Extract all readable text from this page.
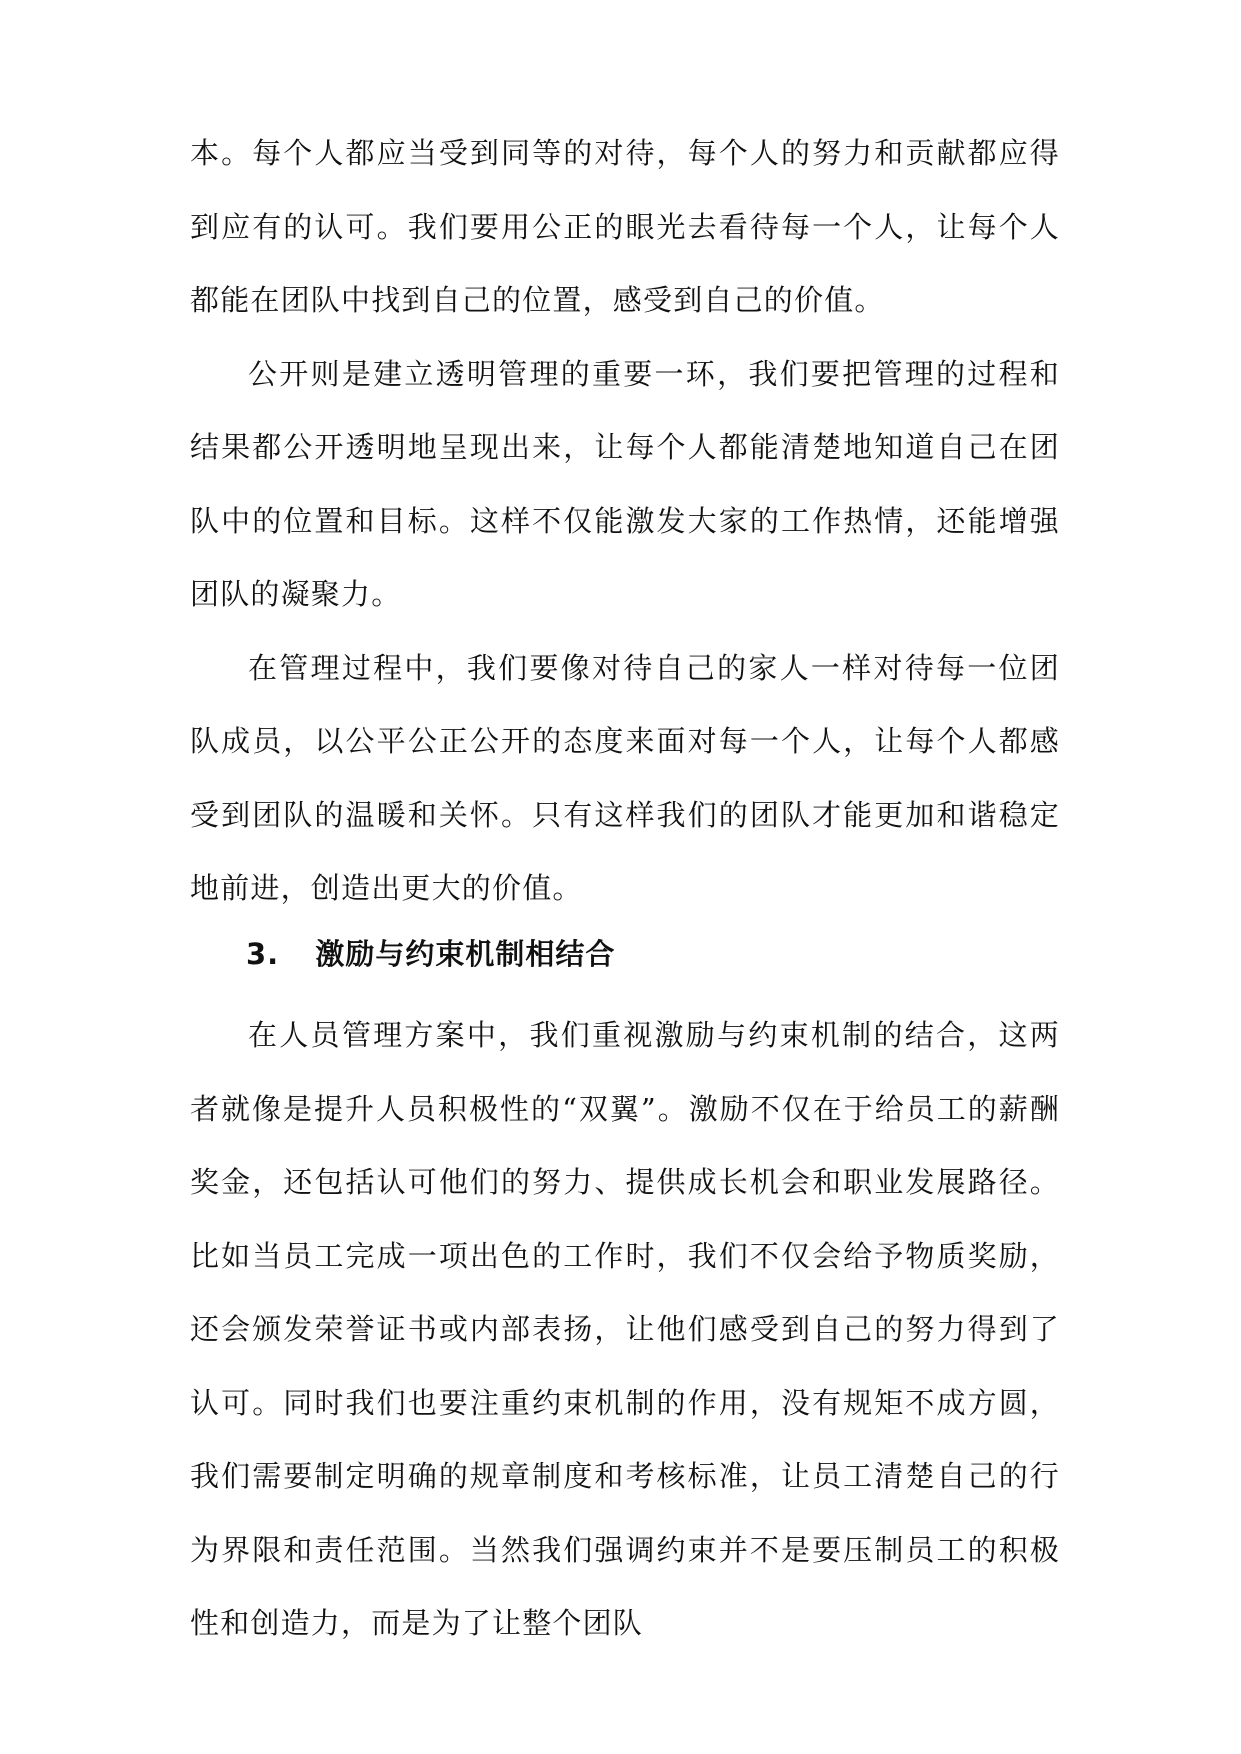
本。每个人都应当受到同等的对待，每个人的努力和贡献都应得到应有的认可。我们要用公正的眼光去看待每一个人，让每个人都能在团队中找到自己的位置，感受到自己的价值。

公开则是建立透明管理的重要一环，我们要把管理的过程和结果都公开透明地呈现出来，让每个人都能清楚地知道自己在团队中的位置和目标。这样不仅能激发大家的工作热情，还能增强团队的凝聚力。

在管理过程中，我们要像对待自己的家人一样对待每一位团队成员，以公平公正公开的态度来面对每一个人，让每个人都感受到团队的温暖和关怀。只有这样我们的团队才能更加和谐稳定地前进，创造出更大的价值。

3. 激励与约束机制相结合

在人员管理方案中，我们重视激励与约束机制的结合，这两者就像是提升人员积极性的“双翼”。激励不仅在于给员工的薪酬奖金，还包括认可他们的努力、提供成长机会和职业发展路径。比如当员工完成一项出色的工作时，我们不仅会给予物质奖励，还会颁发荣誉证书或内部表扬，让他们感受到自己的努力得到了认可。同时我们也要注重约束机制的作用，没有规矩不成方圆，我们需要制定明确的规章制度和考核标准，让员工清楚自己的行为界限和责任范围。当然我们强调约束并不是要压制员工的积极性和创造力，而是为了让整个团队
